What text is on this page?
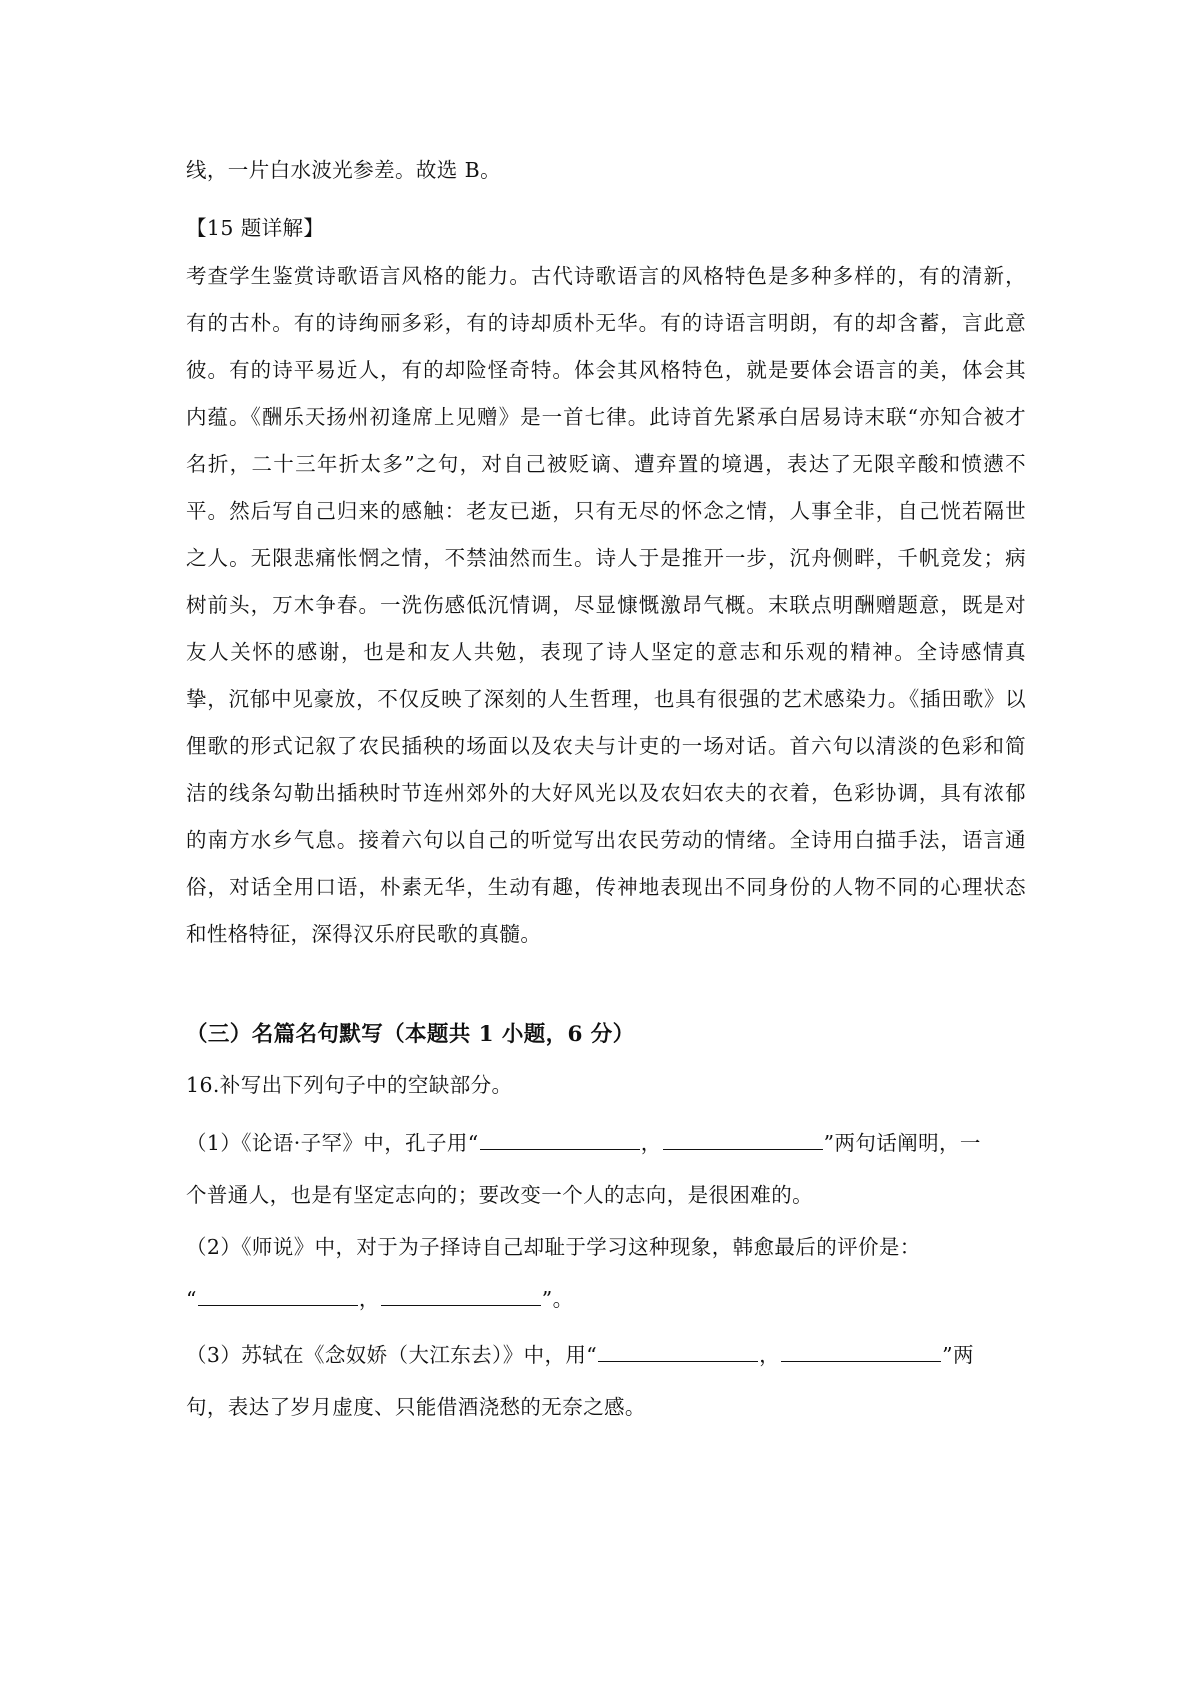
线，一片白水波光参差。故选 B。
【15 题详解】
考查学生鉴赏诗歌语言风格的能力。古代诗歌语言的风格特色是多种多样的，有的清新，
有的古朴。有的诗绚丽多彩，有的诗却质朴无华。有的诗语言明朗，有的却含蓄，言此意
彼。有的诗平易近人，有的却险怪奇特。体会其风格特色，就是要体会语言的美，体会其
内蕴。《酬乐天扬州初逢席上见赠》是一首七律。此诗首先紧承白居易诗末联“亦知合被才
名折，二十三年折太多”之句，对自己被贬谪、遭弃置的境遇，表达了无限辛酸和愤懑不
平。然后写自己归来的感触：老友已逝，只有无尽的怀念之情，人事全非，自己恍若隔世
之人。无限悲痛怅惘之情，不禁油然而生。诗人于是推开一步，沉舟侧畔，千帆竞发；病
树前头，万木争春。一洗伤感低沉情调，尽显慷慨激昂气概。末联点明酬赠题意，既是对
友人关怀的感谢，也是和友人共勉，表现了诗人坚定的意志和乐观的精神。全诗感情真
挚，沉郁中见豪放，不仅反映了深刻的人生哲理，也具有很强的艺术感染力。《插田歌》以
俚歌的形式记叙了农民插秧的场面以及农夫与计吏的一场对话。首六句以清淡的色彩和简
洁的线条勾勒出插秧时节连州郊外的大好风光以及农妇农夫的衣着，色彩协调，具有浓郁
的南方水乡气息。接着六句以自己的听觉写出农民劳动的情绪。全诗用白描手法，语言通
俗，对话全用口语，朴素无华，生动有趣，传神地表现出不同身份的人物不同的心理状态
和性格特征，深得汉乐府民歌的真髓。
（三）名篇名句默写（本题共 1 小题，6 分）
16.补写出下列句子中的空缺部分。
（1）《论语·子罕》中，孔子用“	，	”两句话阐明，一
个普通人，也是有坚定志向的；要改变一个人的志向，是很困难的。
（2）《师说》中，对于为子择诗自己却耻于学习这种现象，韩愈最后的评价是：
“	，	”。
（3）苏轼在《念奴娇（大江东去）》中，用“	，	”两
句，表达了岁月虚度、只能借酒浇愁的无奈之感。
